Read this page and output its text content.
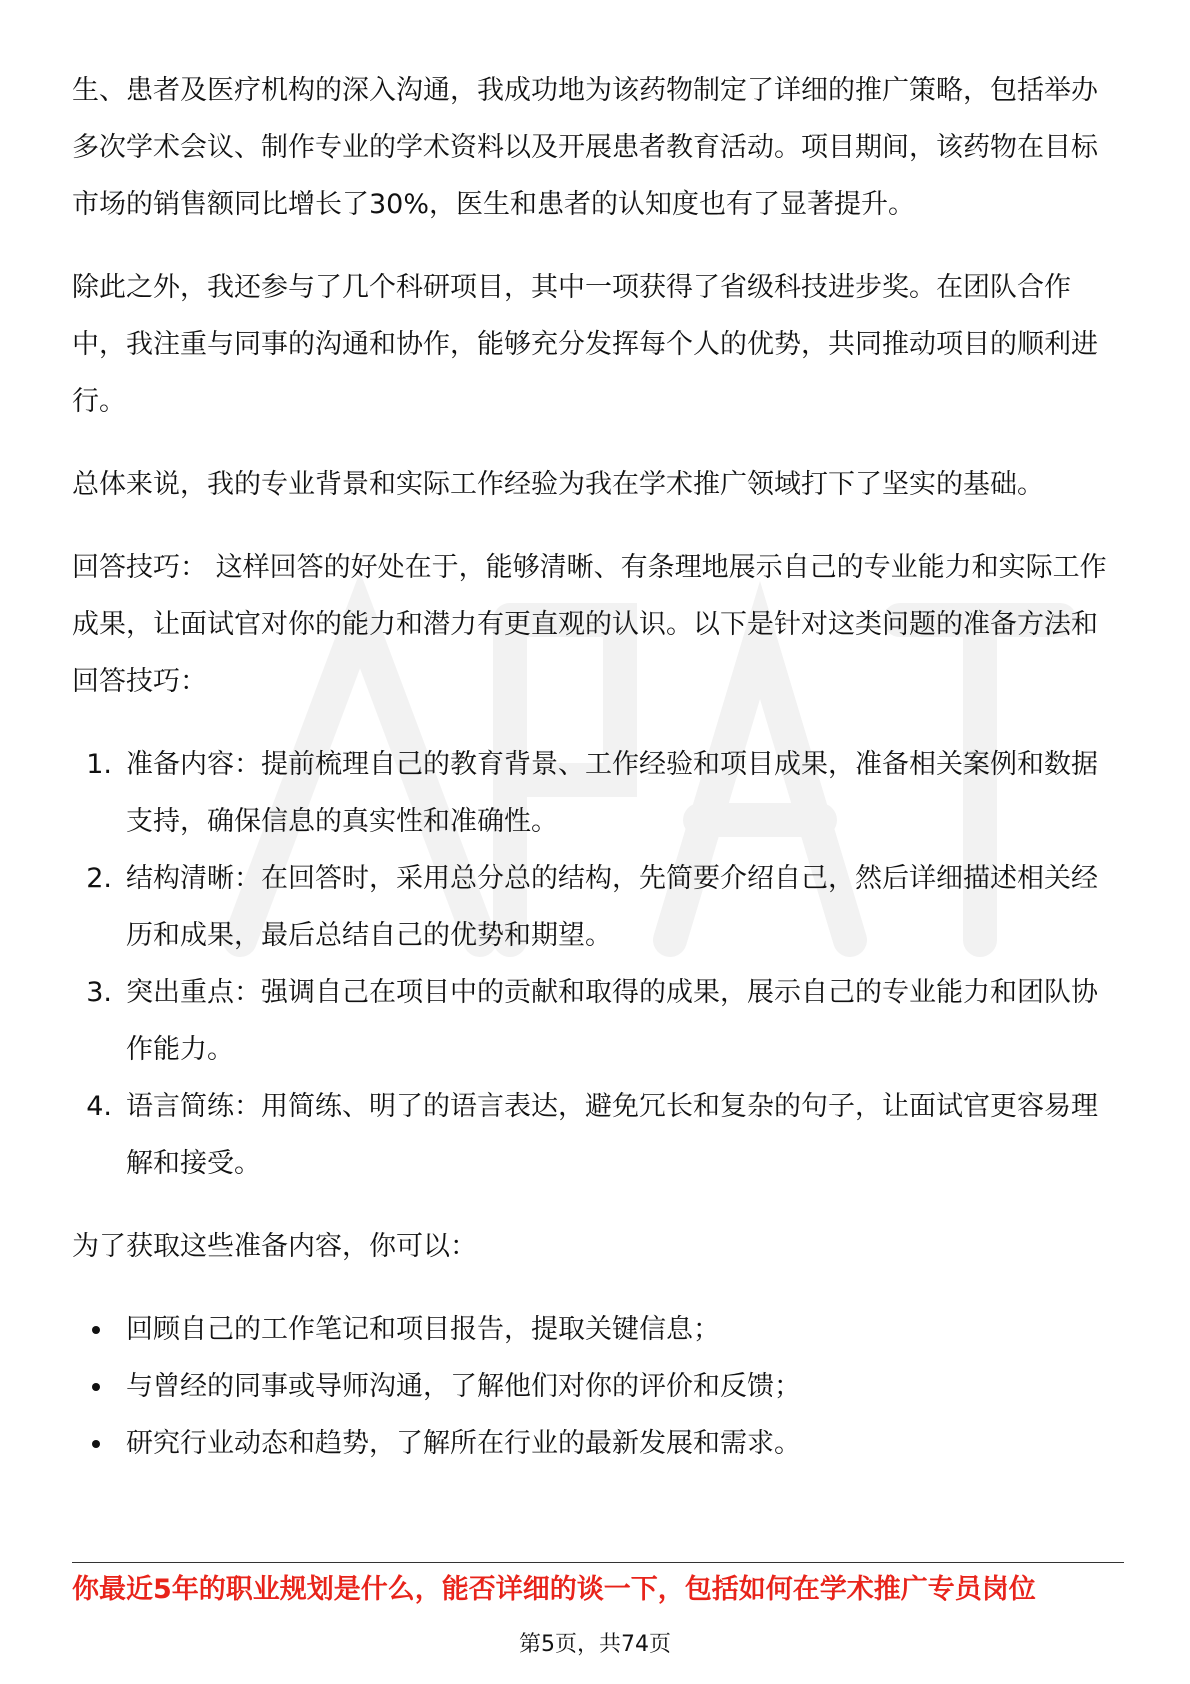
生、患者及医疗机构的深入沟通，我成功地为该药物制定了详细的推广策略，包括举办多次学术会议、制作专业的学术资料以及开展患者教育活动。项目期间，该药物在目标市场的销售额同比增长了30%，医生和患者的认知度也有了显著提升。

除此之外，我还参与了几个科研项目，其中一项获得了省级科技进步奖。在团队合作中，我注重与同事的沟通和协作，能够充分发挥每个人的优势，共同推动项目的顺利进行。

总体来说，我的专业背景和实际工作经验为我在学术推广领域打下了坚实的基础。

回答技巧： 这样回答的好处在于，能够清晰、有条理地展示自己的专业能力和实际工作成果，让面试官对你的能力和潜力有更直观的认识。以下是针对这类问题的准备方法和回答技巧：

1. 准备内容：提前梳理自己的教育背景、工作经验和项目成果，准备相关案例和数据支持，确保信息的真实性和准确性。
2. 结构清晰：在回答时，采用总分总的结构，先简要介绍自己，然后详细描述相关经历和成果，最后总结自己的优势和期望。
3. 突出重点：强调自己在项目中的贡献和取得的成果，展示自己的专业能力和团队协作能力。
4. 语言简练：用简练、明了的语言表达，避免冗长和复杂的句子，让面试官更容易理解和接受。

为了获取这些准备内容，你可以：

回顾自己的工作笔记和项目报告，提取关键信息；
与曾经的同事或导师沟通，了解他们对你的评价和反馈；
研究行业动态和趋势，了解所在行业的最新发展和需求。
你最近5年的职业规划是什么，能否详细的谈一下，包括如何在学术推广专员岗位
第5页，共74页
